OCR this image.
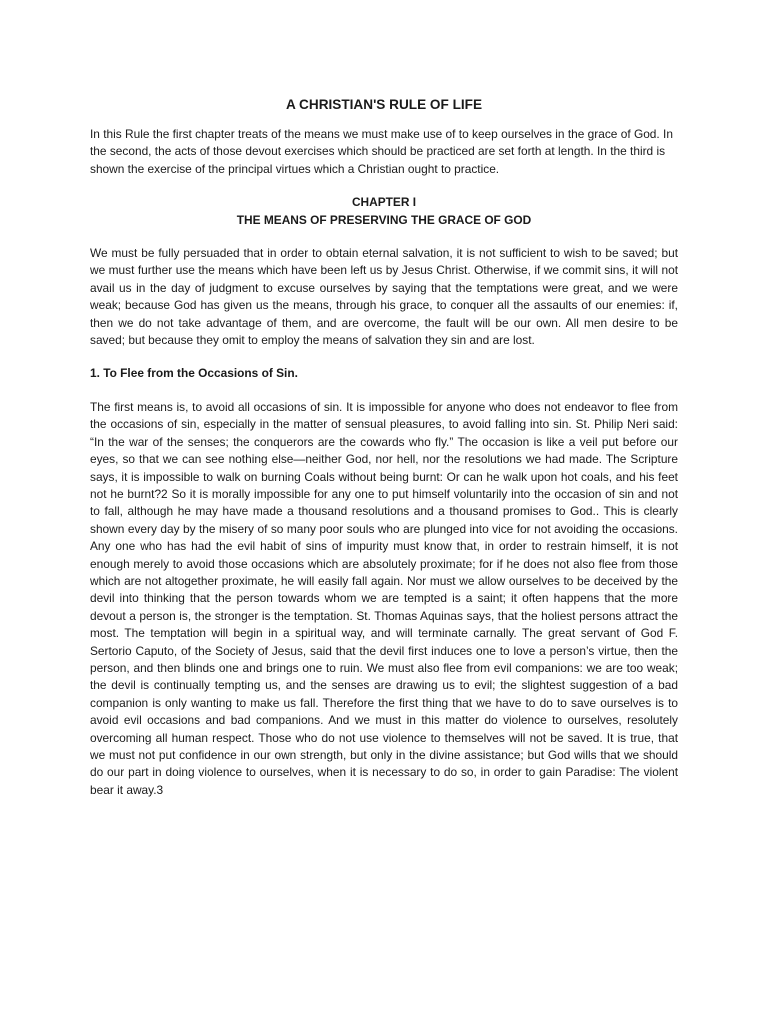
A CHRISTIAN'S RULE OF LIFE

In this Rule the first chapter treats of the means we must make use of to keep ourselves in the grace of God. In the second, the acts of those devout exercises which should be practiced are set forth at length. In the third is shown the exercise of the principal virtues which a Christian ought to practice.

CHAPTER I
THE MEANS OF PRESERVING THE GRACE OF GOD

We must be fully persuaded that in order to obtain eternal salvation, it is not sufficient to wish to be saved; but we must further use the means which have been left us by Jesus Christ. Otherwise, if we commit sins, it will not avail us in the day of judgment to excuse ourselves by saying that the temptations were great, and we were weak; because God has given us the means, through his grace, to conquer all the assaults of our enemies: if, then we do not take advantage of them, and are overcome, the fault will be our own. All men desire to be saved; but because they omit to employ the means of salvation they sin and are lost.

1. To Flee from the Occasions of Sin.

The first means is, to avoid all occasions of sin. It is impossible for anyone who does not endeavor to flee from the occasions of sin, especially in the matter of sensual pleasures, to avoid falling into sin. St. Philip Neri said: “In the war of the senses; the conquerors are the cowards who fly.” The occasion is like a veil put before our eyes, so that we can see nothing else—neither God, nor hell, nor the resolutions we had made. The Scripture says, it is impossible to walk on burning Coals without being burnt: Or can he walk upon hot coals, and his feet not he burnt?2 So it is morally impossible for any one to put himself voluntarily into the occasion of sin and not to fall, although he may have made a thousand resolutions and a thousand promises to God.. This is clearly shown every day by the misery of so many poor souls who are plunged into vice for not avoiding the occasions. Any one who has had the evil habit of sins of impurity must know that, in order to restrain himself, it is not enough merely to avoid those occasions which are absolutely proximate; for if he does not also flee from those which are not altogether proximate, he will easily fall again. Nor must we allow ourselves to be deceived by the devil into thinking that the person towards whom we are tempted is a saint; it often happens that the more devout a person is, the stronger is the temptation. St. Thomas Aquinas says, that the holiest persons attract the most. The temptation will begin in a spiritual way, and will terminate carnally. The great servant of God F. Sertorio Caputo, of the Society of Jesus, said that the devil first induces one to love a person’s virtue, then the person, and then blinds one and brings one to ruin. We must also flee from evil companions: we are too weak; the devil is continually tempting us, and the senses are drawing us to evil; the slightest suggestion of a bad companion is only wanting to make us fall. Therefore the first thing that we have to do to save ourselves is to avoid evil occasions and bad companions. And we must in this matter do violence to ourselves, resolutely overcoming all human respect. Those who do not use violence to themselves will not be saved. It is true, that we must not put confidence in our own strength, but only in the divine assistance; but God wills that we should do our part in doing violence to ourselves, when it is necessary to do so, in order to gain Paradise: The violent bear it away.3
